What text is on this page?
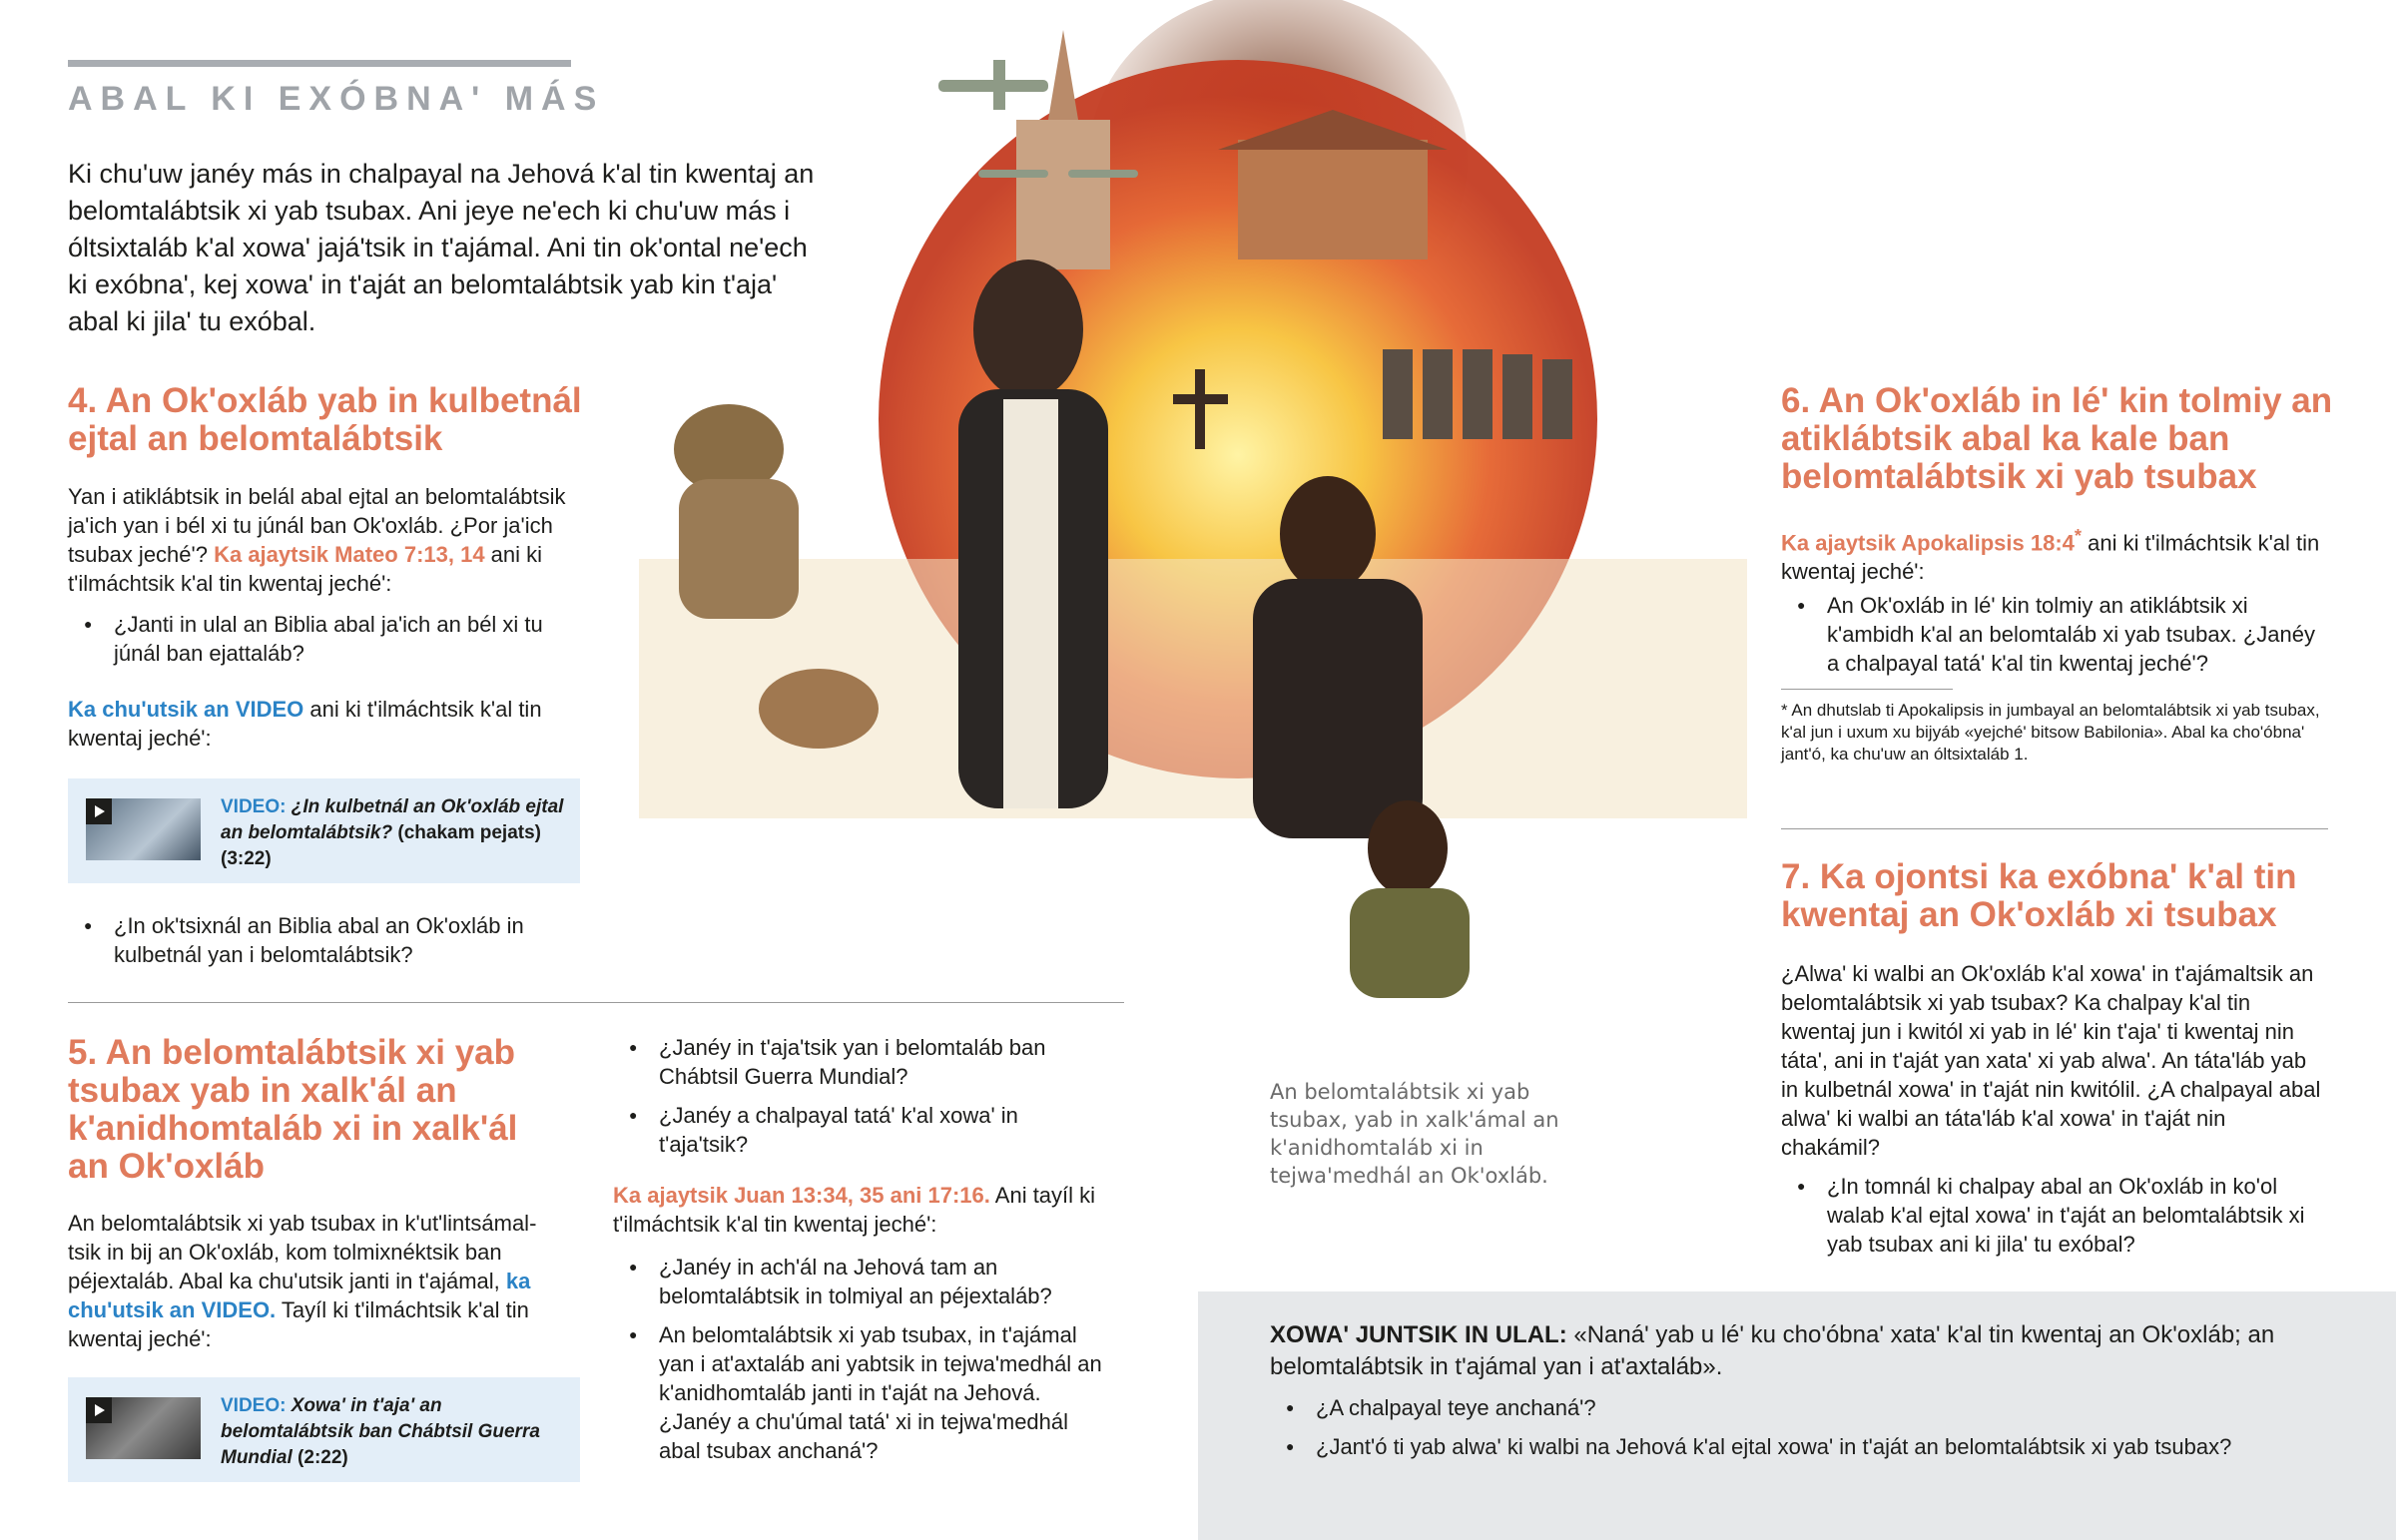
ABAL KI EXÓBNA' MÁS
Ki chu'uw janéy más in chalpayal na Jehová k'al tin kwentaj an belomtalábtsik xi yab tsubax. Ani jeye ne'ech ki chu'uw más i óltsixtaláb k'al xowa' jajá'tsik in t'ajámal. Ani tin ok'ontal ne'ech ki exóbna', kej xowa' in t'aját an belomtalábtsik yab kin t'aja' abal ki jila' tu exóbal.
4. An Ok'oxláb yab in kulbetnál ejtal an belomtalábtsik
Yan i atiklábtsik in belál abal ejtal an belomtalábtsik ja'ich yan i bél xi tu júnál ban Ok'oxláb. ¿Por ja'ich tsubax jeché'? Ka ajaytsik Mateo 7:13, 14 ani ki t'ilmáchtsik k'al tin kwentaj jeché':
● ¿Janti in ulal an Biblia abal ja'ich an bél xi tu júnál ban ejattaláb?
Ka chu'utsik an VIDEO ani ki t'ilmáchtsik k'al tin kwentaj jeché':
VIDEO: ¿In kulbetnál an Ok'oxláb ejtal an belomtalábtsik? (chakam pejats) (3:22)
● ¿In ok'tsixnál an Biblia abal an Ok'oxláb in kulbetnál yan i belomtalábtsik?
5. An belomtalábtsik xi yab tsubax yab in xalk'ál an k'anidhomtaláb xi in xalk'ál an Ok'oxláb
An belomtalábtsik xi yab tsubax in k'ut'lintsámal-tsik in bij an Ok'oxláb, kom tolmixnéktsik ban péjextaláb. Abal ka chu'utsik janti in t'ajámal, ka chu'utsik an VIDEO. Tayíl ki t'ilmáchtsik k'al tin kwentaj jeché':
VIDEO: Xowa' in t'aja' an belomtalábtsik ban Chábtsil Guerra Mundial (2:22)
● ¿Janéy in t'aja'tsik yan i belomtaláb ban Chábtsil Guerra Mundial?
● ¿Janéy a chalpayal tatá' k'al xowa' in t'aja'tsik?
Ka ajaytsik Juan 13:34, 35 ani 17:16. Ani tayíl ki t'ilmáchtsik k'al tin kwentaj jeché':
● ¿Janéy in ach'ál na Jehová tam an belomtalábtsik in tolmiyal an péjextaláb?
● An belomtalábtsik xi yab tsubax, in t'ajámal yan i at'axtaláb ani yabtsik in tejwa'medhál an k'anidhomtaláb janti in t'aját na Jehová. ¿Janéy a chu'úmal tatá' xi in tejwa'medhál abal tsubax anchaná'?
An belomtalábtsik xi yab tsubax, yab in xalk'ámal an k'anidhomtaláb xi in tejwa'medhál an Ok'oxláb.
6. An Ok'oxláb in lé' kin tolmiy an atiklábtsik abal ka kale ban belomtalábtsik xi yab tsubax
Ka ajaytsik Apokalipsis 18:4* ani ki t'ilmáchtsik k'al tin kwentaj jeché':
● An Ok'oxláb in lé' kin tolmiy an atiklábtsik xi k'ambidh k'al an belomtaláb xi yab tsubax. ¿Janéy a chalpayal tatá' k'al tin kwentaj jeché'?
* An dhutslab ti Apokalipsis in jumbayal an belomtalábtsik xi yab tsubax, k'al jun i uxum xu bijyáb «yejché' bitsow Babilonia». Abal ka cho'óbna' jant'ó, ka chu'uw an óltsixtaláb 1.
7. Ka ojontsi ka exóbna' k'al tin kwentaj an Ok'oxláb xi tsubax
¿Alwa' ki walbi an Ok'oxláb k'al xowa' in t'ajámaltsik an belomtalábtsik xi yab tsubax? Ka chalpay k'al tin kwentaj jun i kwitól xi yab in lé' kin t'aja' ti kwentaj nin táta', ani in t'aját yan xata' xi yab alwa'. An táta'láb yab in kulbetnál xowa' in t'aját nin kwitólil. ¿A chalpayal abal alwa' ki walbi an táta'láb k'al xowa' in t'aját nin chakámil?
● ¿In tomnál ki chalpay abal an Ok'oxláb in ko'ol walab k'al ejtal xowa' in t'aját an belomtalábtsik xi yab tsubax ani ki jila' tu exóbal?
XOWA' JUNTSIK IN ULAL: «Naná' yab u lé' ku cho'óbna' xata' k'al tin kwentaj an Ok'oxláb; an belomtalábtsik in t'ajámal yan i at'axtaláb».
● ¿A chalpayal teye anchaná'?
● ¿Jant'ó ti yab alwa' ki walbi na Jehová k'al ejtal xowa' in t'aját an belomtalábtsik xi yab tsubax?
